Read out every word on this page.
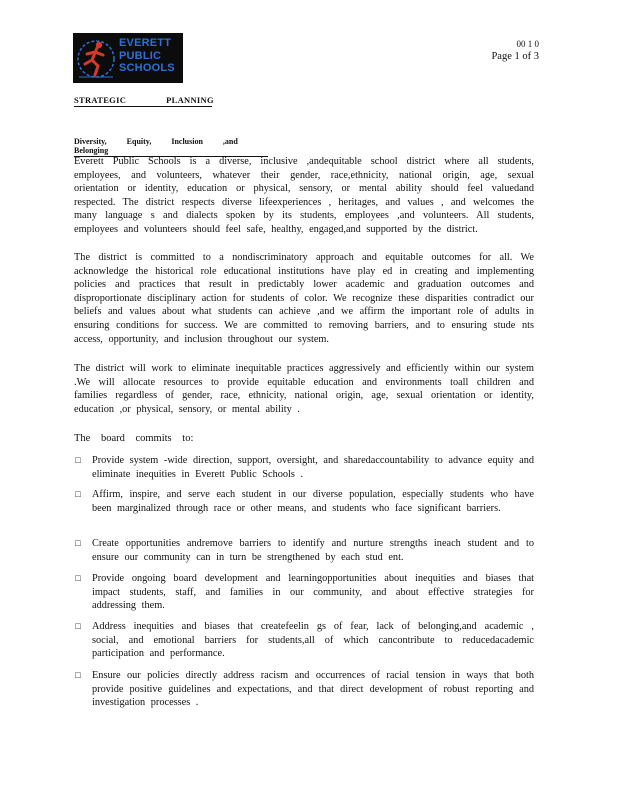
EVERETT
PUBLIC
SCHOOLS
00 1 0
Page 1 of 3
STRATEGIC	PLANNING
Diversity, Equity, Inclusion ,and Belonging
Everett Public Schools is a diverse, inclusive ,andequitable school district where all students, employees, and volunteers, whatever their gender, race,ethnicity, national origin, age, sexual orientation or identity, education or physical, sensory, or mental ability should feel valuedand respected. The district respects diverse lifeexperiences , heritages, and values , and welcomes the many language s and dialects spoken by its students, employees ,and volunteers. All students, employees and volunteers should feel safe, healthy, engaged,and supported by the district.
The district is committed to a nondiscriminatory approach and equitable outcomes for all. We acknowledge the historical role educational institutions have play ed in creating and implementing policies and practices that result in predictably lower academic and graduation outcomes and disproportionate disciplinary action for students of color. We recognize these disparities contradict our beliefs and values about what students can achieve ,and we affirm the important role of adults in ensuring conditions for success. We are committed to removing barriers, and to ensuring stude nts access, opportunity, and inclusion throughout our system.
The district will work to eliminate inequitable practices aggressively and efficiently within our system .We will allocate resources to provide equitable education and environments toall children and families regardless of gender, race, ethnicity, national origin, age, sexual orientation or identity, education ,or physical, sensory, or mental ability .
The board commits to:
□ Provide system -wide direction, support, oversight, and sharedaccountability to advance equity and eliminate inequities in Everett Public Schools .
□ Affirm, inspire, and serve each student in our diverse population, especially students who have been marginalized through race or other means, and students who face significant barriers.
□ Create opportunities andremove barriers to identify and nurture strengths ineach student and to ensure our community can in turn be strengthened by each stud ent.
□ Provide ongoing board development and learningopportunities about inequities and biases that impact students, staff, and families in our community, and about effective strategies for addressing them.
□ Address inequities and biases that createfeelin gs of fear, lack of belonging,and academic , social, and emotional barriers for students,all of which cancontribute to reducedacademic participation and performance.
□ Ensure our policies directly address racism and occurrences of racial tension in ways that both provide positive guidelines and expectations, and that direct development of robust reporting and investigation processes .
